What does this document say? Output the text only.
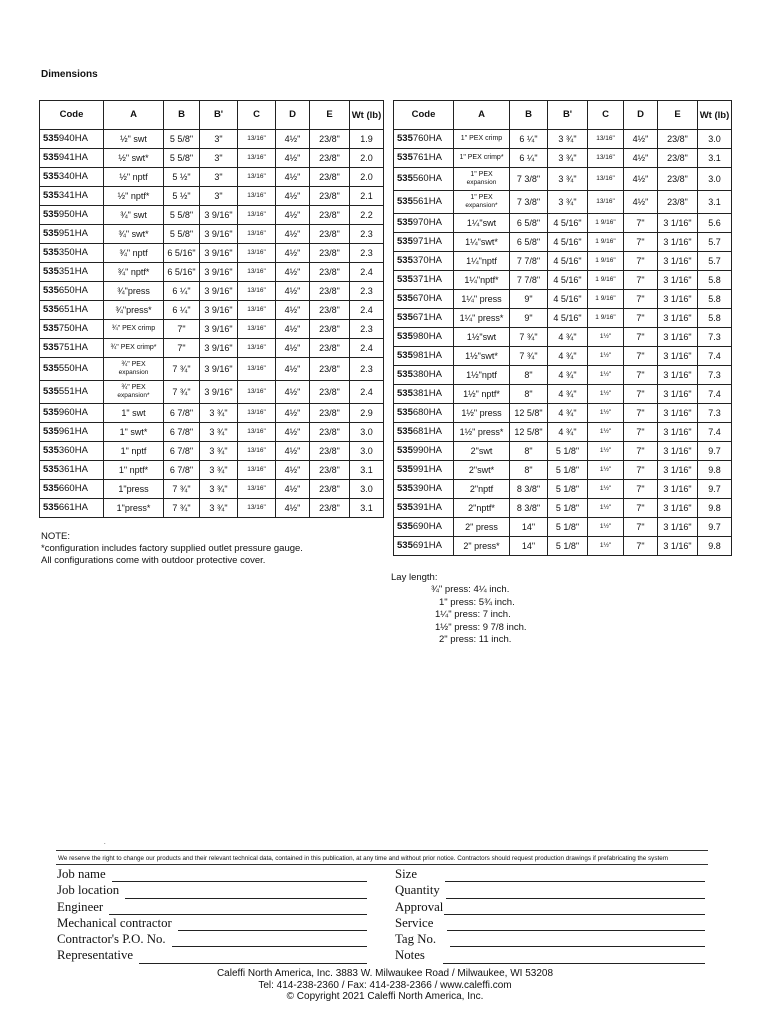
Dimensions
Code	A	B	B'	C	D	E	Wt (lb)
535940HA	½" swt	5 5/8"	3"	13/16"	4½"	23/8"	1.9
535941HA	½" swt*	5 5/8"	3"	13/16"	4½"	23/8"	2.0
535340HA	½" nptf	5 ½"	3"	13/16"	4½"	23/8"	2.0
535341HA	½" nptf*	5 ½"	3"	13/16"	4½"	23/8"	2.1
535950HA	¾" swt	5 5/8"	3 9/16"	13/16"	4½"	23/8"	2.2
535951HA	¾" swt*	5 5/8"	3 9/16"	13/16"	4½"	23/8"	2.3
535350HA	¾" nptf	6 5/16"	3 9/16"	13/16"	4½"	23/8"	2.3
535351HA	¾" nptf*	6 5/16"	3 9/16"	13/16"	4½"	23/8"	2.4
535650HA	¾"press	6 ¼"	3 9/16"	13/16"	4½"	23/8"	2.3
535651HA	¾"press*	6 ¼"	3 9/16"	13/16"	4½"	23/8"	2.4
535750HA	¾" PEX crimp	7"	3 9/16"	13/16"	4½"	23/8"	2.3
535751HA	¾" PEX crimp*	7"	3 9/16"	13/16"	4½"	23/8"	2.4
535550HA	¾" PEX
expansion	7 ¾"	3 9/16"	13/16"	4½"	23/8"	2.3
535551HA	¾" PEX
expansion*	7 ¾"	3 9/16"	13/16"	4½"	23/8"	2.4
535960HA	1" swt	6 7/8"	3 ¾"	13/16"	4½"	23/8"	2.9
535961HA	1" swt*	6 7/8"	3 ¾"	13/16"	4½"	23/8"	3.0
535360HA	1" nptf	6 7/8"	3 ¾"	13/16"	4½"	23/8"	3.0
535361HA	1" nptf*	6 7/8"	3 ¾"	13/16"	4½"	23/8"	3.1
535660HA	1"press	7 ¾"	3 ¾"	13/16"	4½"	23/8"	3.0
535661HA	1"press*	7 ¾"	3 ¾"	13/16"	4½"	23/8"	3.1
Code	A	B	B'	C	D	E	Wt (lb)
535760HA	1" PEX crimp	6 ¼"	3 ¾"	13/16"	4½"	23/8"	3.0
535761HA	1" PEX crimp*	6 ¼"	3 ¾"	13/16"	4½"	23/8"	3.1
535560HA	1" PEX
expansion	7 3/8"	3 ¾"	13/16"	4½"	23/8"	3.0
535561HA	1" PEX
expansion*	7 3/8"	3 ¾"	13/16"	4½"	23/8"	3.1
535970HA	1¼"swt	6 5/8"	4 5/16"	1 9/16"	7"	3 1/16"	5.6
535971HA	1¼"swt*	6 5/8"	4 5/16"	1 9/16"	7"	3 1/16"	5.7
535370HA	1¼"nptf	7 7/8"	4 5/16"	1 9/16"	7"	3 1/16"	5.7
535371HA	1¼"nptf*	7 7/8"	4 5/16"	1 9/16"	7"	3 1/16"	5.8
535670HA	1¼" press	9"	4 5/16"	1 9/16"	7"	3 1/16"	5.8
535671HA	1¼" press*	9"	4 5/16"	1 9/16"	7"	3 1/16"	5.8
535980HA	1½"swt	7 ¾"	4 ¾"	1½"	7"	3 1/16"	7.3
535981HA	1½"swt*	7 ¾"	4 ¾"	1½"	7"	3 1/16"	7.4
535380HA	1½"nptf	8"	4 ¾"	1½"	7"	3 1/16"	7.3
535381HA	1½" nptf*	8"	4 ¾"	1½"	7"	3 1/16"	7.4
535680HA	1½" press	12 5/8"	4 ¾"	1½"	7"	3 1/16"	7.3
535681HA	1½" press*	12 5/8"	4 ¾"	1½"	7"	3 1/16"	7.4
535990HA	2"swt	8"	5 1/8"	1½"	7"	3 1/16"	9.7
535991HA	2"swt*	8"	5 1/8"	1½"	7"	3 1/16"	9.8
535390HA	2"nptf	8 3/8"	5 1/8"	1½"	7"	3 1/16"	9.7
535391HA	2"nptf*	8 3/8"	5 1/8"	1½"	7"	3 1/16"	9.8
535690HA	2" press	14"	5 1/8"	1½"	7"	3 1/16"	9.7
535691HA	2" press*	14"	5 1/8"	1½"	7"	3 1/16"	9.8
NOTE:
*configuration includes factory supplied outlet pressure gauge.
All configurations come with outdoor protective cover.
Lay length:
¾" press: 4¼ inch.
1" press: 5¾ inch.
1¼" press: 7 inch.
1½" press: 9 7/8 inch.
2" press: 11 inch.
.
We reserve the right to change our products and their relevant technical data, contained in this publication, at any time and without prior notice. Contractors should request production drawings if prefabricating the system
Job name
Job location
Engineer
Mechanical contractor
Contractor's P.O. No.
Representative
Size
Quantity
Approval
Service
Tag No.
Notes
Caleffi North America, Inc. 3883 W. Milwaukee Road / Milwaukee, WI 53208
Tel: 414-238-2360 / Fax: 414-238-2366 / www.caleffi.com
© Copyright 2021 Caleffi North America, Inc.
